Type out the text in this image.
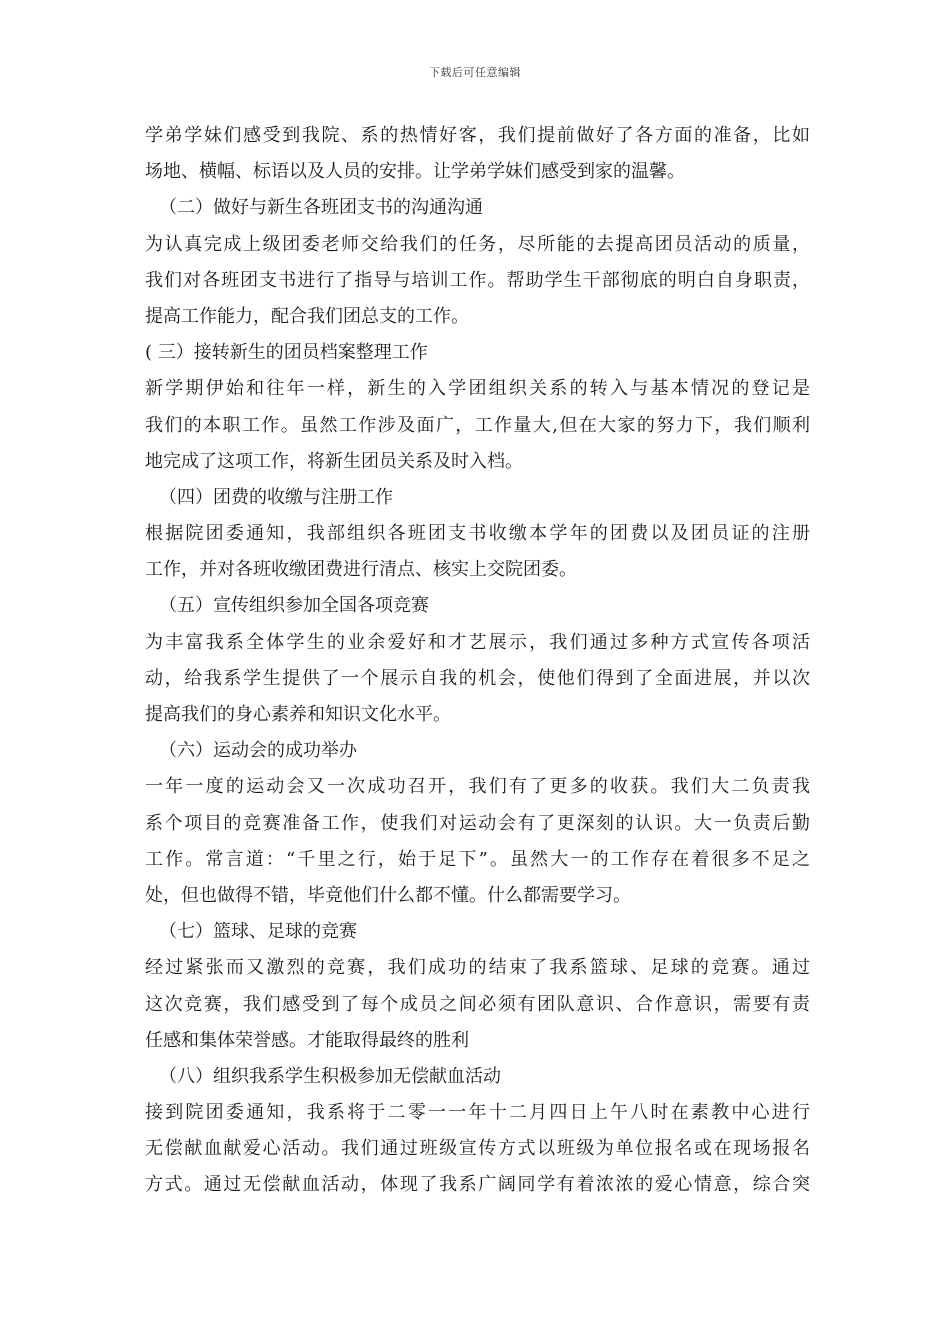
下载后可任意编辑
学弟学妹们感受到我院、系的热情好客，我们提前做好了各方面的准备，比如
场地、横幅、标语以及人员的安排。让学弟学妹们感受到家的温馨。
（二）做好与新生各班团支书的沟通沟通
为认真完成上级团委老师交给我们的任务，尽所能的去提高团员活动的质量，
我们对各班团支书进行了指导与培训工作。帮助学生干部彻底的明白自身职责，
提高工作能力，配合我们团总支的工作。
( 三）接转新生的团员档案整理工作
新学期伊始和往年一样，新生的入学团组织关系的转入与基本情况的登记是
我们的本职工作。虽然工作涉及面广，工作量大,但在大家的努力下，我们顺利
地完成了这项工作，将新生团员关系及时入档。
（四）团费的收缴与注册工作
根据院团委通知，我部组织各班团支书收缴本学年的团费以及团员证的注册
工作，并对各班收缴团费进行清点、核实上交院团委。
（五）宣传组织参加全国各项竞赛
为丰富我系全体学生的业余爱好和才艺展示，我们通过多种方式宣传各项活
动，给我系学生提供了一个展示自我的机会，使他们得到了全面进展，并以次
提高我们的身心素养和知识文化水平。
（六）运动会的成功举办
一年一度的运动会又一次成功召开，我们有了更多的收获。我们大二负责我
系个项目的竞赛准备工作，使我们对运动会有了更深刻的认识。大一负责后勤
工作。常言道：“千里之行，始于足下”。虽然大一的工作存在着很多不足之
处，但也做得不错，毕竟他们什么都不懂。什么都需要学习。
（七）篮球、足球的竞赛
经过紧张而又激烈的竞赛，我们成功的结束了我系篮球、足球的竞赛。通过
这次竞赛，我们感受到了每个成员之间必须有团队意识、合作意识，需要有责
任感和集体荣誉感。才能取得最终的胜利
（八）组织我系学生积极参加无偿献血活动
接到院团委通知，我系将于二零一一年十二月四日上午八时在素教中心进行
无偿献血献爱心活动。我们通过班级宣传方式以班级为单位报名或在现场报名
方式。通过无偿献血活动，体现了我系广阔同学有着浓浓的爱心情意，综合突
